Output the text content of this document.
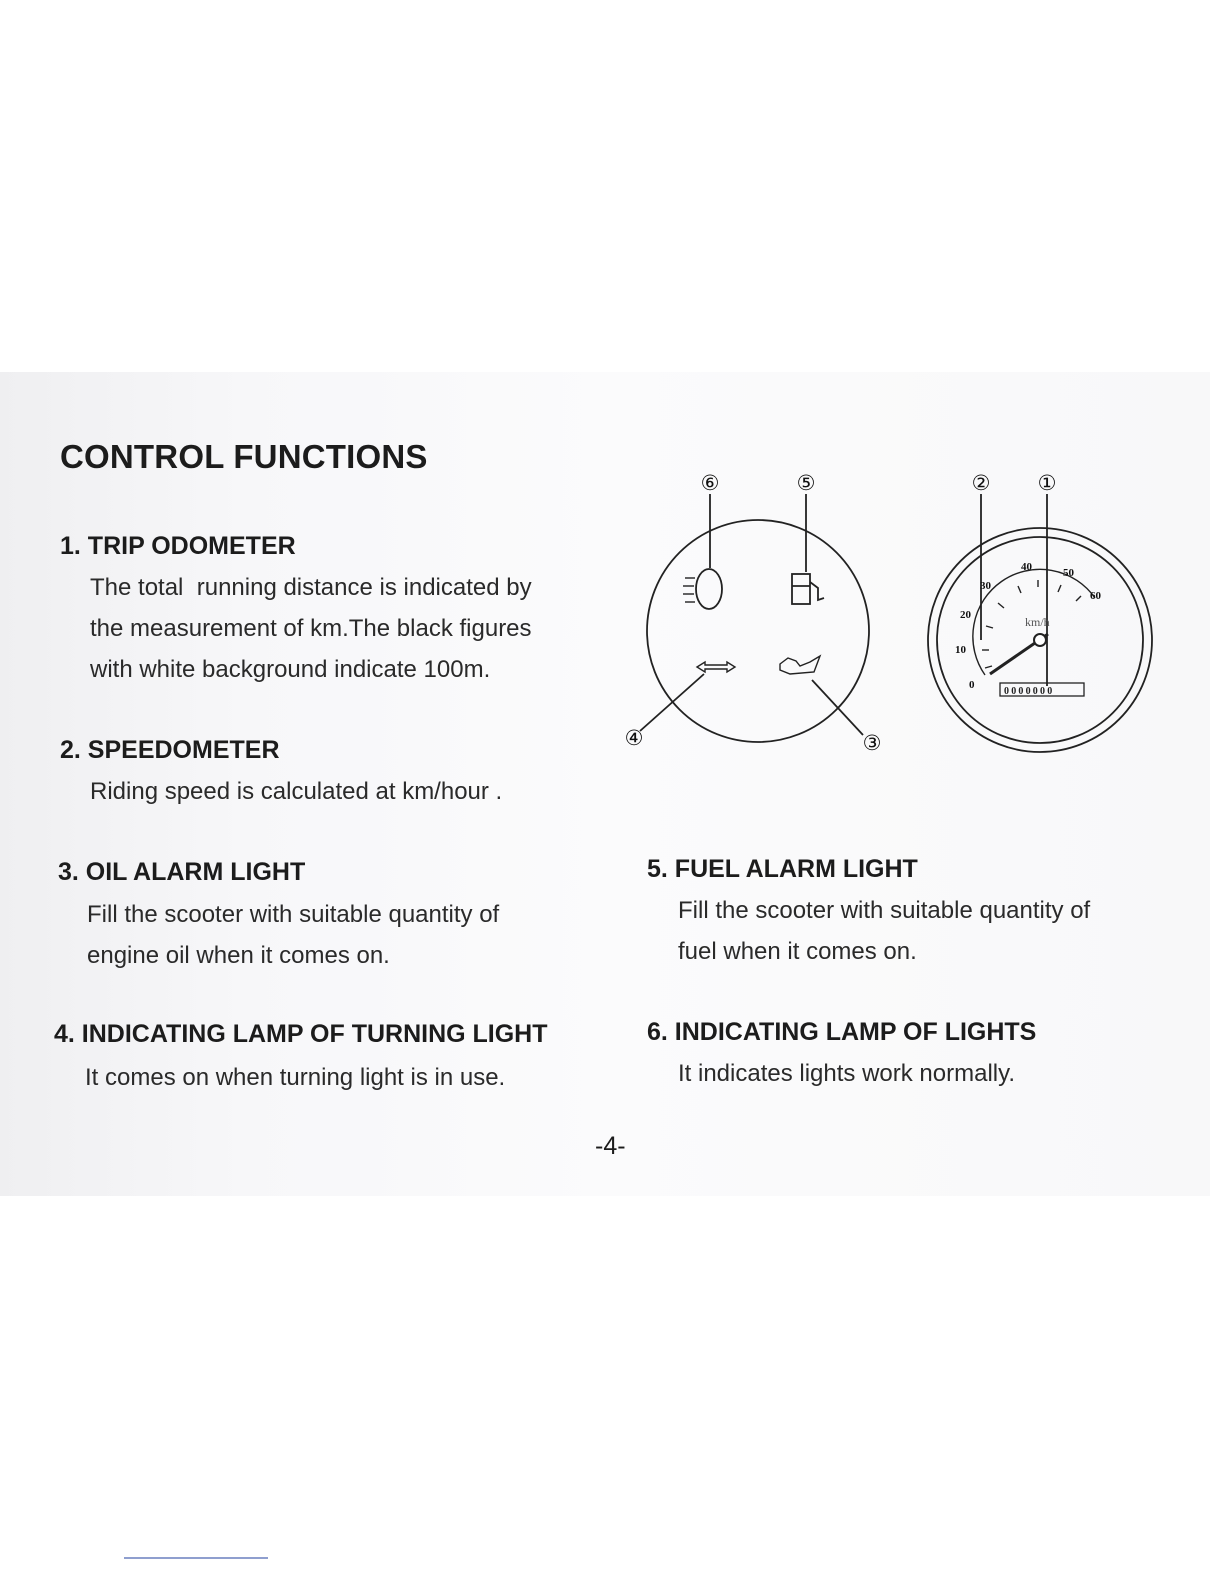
CONTROL FUNCTIONS
1. TRIP ODOMETER
The total  running distance is indicated by
the measurement of km.The black figures
with white background indicate 100m.
2. SPEEDOMETER
Riding speed is calculated at km/hour .
3. OIL ALARM LIGHT
Fill the scooter with suitable quantity of
engine oil when it comes on.
4. INDICATING LAMP OF TURNING LIGHT
It comes on when turning light is in use.
5. FUEL ALARM LIGHT
Fill the scooter with suitable quantity of
fuel when it comes on.
6. INDICATING LAMP OF LIGHTS
It indicates lights work normally.
0
10
20
30
40	50
60
km/h
0000000
⑥	⑤	② ①
④	③
-4-
